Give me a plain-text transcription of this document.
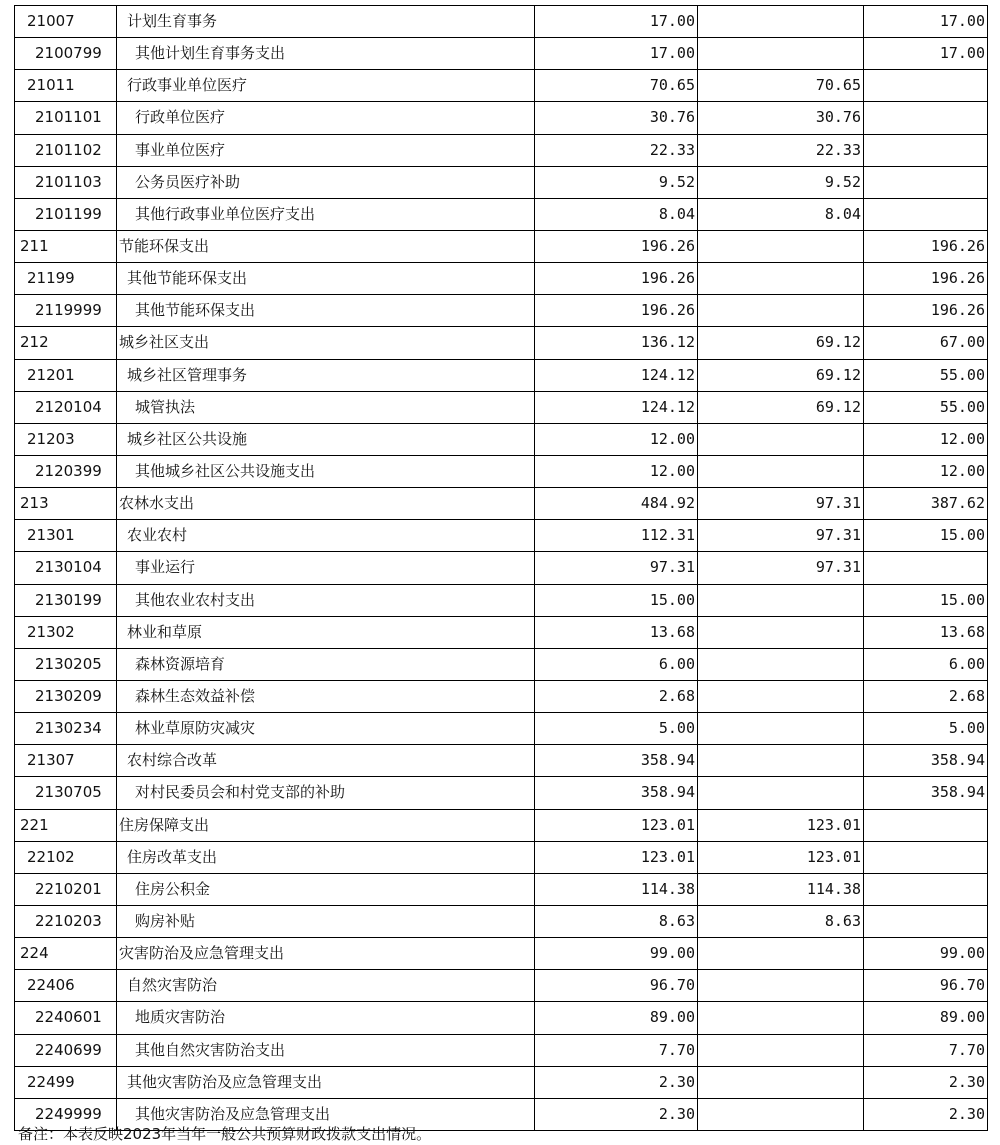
21007	计划生育事务	17.00		17.00
2100799	其他计划生育事务支出	17.00		17.00
21011	行政事业单位医疗	70.65	70.65	
2101101	行政单位医疗	30.76	30.76	
2101102	事业单位医疗	22.33	22.33	
2101103	公务员医疗补助	9.52	9.52	
2101199	其他行政事业单位医疗支出	8.04	8.04	
211	节能环保支出	196.26		196.26
21199	其他节能环保支出	196.26		196.26
2119999	其他节能环保支出	196.26		196.26
212	城乡社区支出	136.12	69.12	67.00
21201	城乡社区管理事务	124.12	69.12	55.00
2120104	城管执法	124.12	69.12	55.00
21203	城乡社区公共设施	12.00		12.00
2120399	其他城乡社区公共设施支出	12.00		12.00
213	农林水支出	484.92	97.31	387.62
21301	农业农村	112.31	97.31	15.00
2130104	事业运行	97.31	97.31	
2130199	其他农业农村支出	15.00		15.00
21302	林业和草原	13.68		13.68
2130205	森林资源培育	6.00		6.00
2130209	森林生态效益补偿	2.68		2.68
2130234	林业草原防灾减灾	5.00		5.00
21307	农村综合改革	358.94		358.94
2130705	对村民委员会和村党支部的补助	358.94		358.94
221	住房保障支出	123.01	123.01	
22102	住房改革支出	123.01	123.01	
2210201	住房公积金	114.38	114.38	
2210203	购房补贴	8.63	8.63	
224	灾害防治及应急管理支出	99.00		99.00
22406	自然灾害防治	96.70		96.70
2240601	地质灾害防治	89.00		89.00
2240699	其他自然灾害防治支出	7.70		7.70
22499	其他灾害防治及应急管理支出	2.30		2.30
2249999	其他灾害防治及应急管理支出	2.30		2.30
备注：本表反映2023年当年一般公共预算财政拨款支出情况。
